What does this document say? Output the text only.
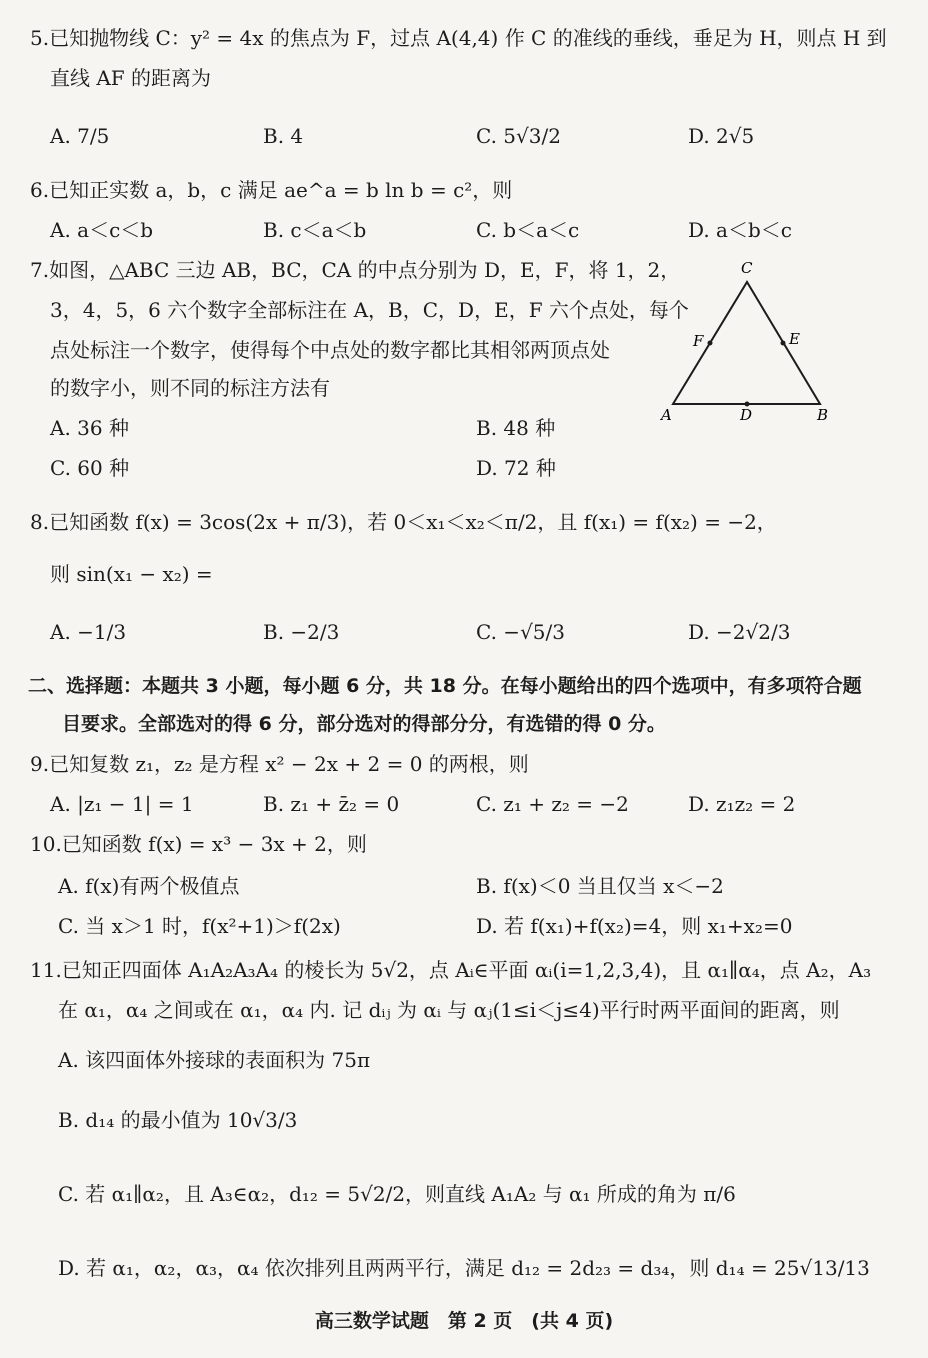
5.已知抛物线 C：y² = 4x 的焦点为 F，过点 A(4,4) 作 C 的准线的垂线，垂足为 H，则点 H 到
直线 AF 的距离为
A. 7/5	B. 4	C. 5√3/2	D. 2√5
6.已知正实数 a，b，c 满足 ae^a = b ln b = c²，则
A. a＜c＜b	B. c＜a＜b	C. b＜a＜c	D. a＜b＜c
7.如图，△ABC 三边 AB，BC，CA 的中点分别为 D，E，F，将 1，2，
3，4，5，6 六个数字全部标注在 A，B，C，D，E，F 六个点处，每个
点处标注一个数字，使得每个中点处的数字都比其相邻两顶点处
的数字小，则不同的标注方法有
A. 36 种	B. 48 种
C. 60 种	D. 72 种
C
F	E
A	D	B
8.已知函数 f(x) = 3cos(2x + π/3)，若 0＜x₁＜x₂＜π/2，且 f(x₁) = f(x₂) = −2，
则 sin(x₁ − x₂) =
A. −1/3	B. −2/3	C. −√5/3	D. −2√2/3
二、选择题：本题共 3 小题，每小题 6 分，共 18 分。在每小题给出的四个选项中，有多项符合题
目要求。全部选对的得 6 分，部分选对的得部分分，有选错的得 0 分。
9.已知复数 z₁，z₂ 是方程 x² − 2x + 2 = 0 的两根，则
A. |z₁ − 1| = 1	B. z₁ + z̄₂ = 0	C. z₁ + z₂ = −2	D. z₁z₂ = 2
10.已知函数 f(x) = x³ − 3x + 2，则
A. f(x)有两个极值点	B. f(x)＜0 当且仅当 x＜−2
C. 当 x＞1 时，f(x²+1)＞f(2x)	D. 若 f(x₁)+f(x₂)=4，则 x₁+x₂=0
11.已知正四面体 A₁A₂A₃A₄ 的棱长为 5√2，点 Aᵢ∈平面 αᵢ(i=1,2,3,4)，且 α₁∥α₄，点 A₂，A₃
在 α₁，α₄ 之间或在 α₁，α₄ 内. 记 dᵢⱼ 为 αᵢ 与 αⱼ(1≤i＜j≤4)平行时两平面间的距离，则
A. 该四面体外接球的表面积为 75π
B. d₁₄ 的最小值为 10√3/3
C. 若 α₁∥α₂，且 A₃∈α₂，d₁₂ = 5√2/2，则直线 A₁A₂ 与 α₁ 所成的角为 π/6
D. 若 α₁，α₂，α₃，α₄ 依次排列且两两平行，满足 d₁₂ = 2d₂₃ = d₃₄，则 d₁₄ = 25√13/13
高三数学试题　第 2 页　(共 4 页)
